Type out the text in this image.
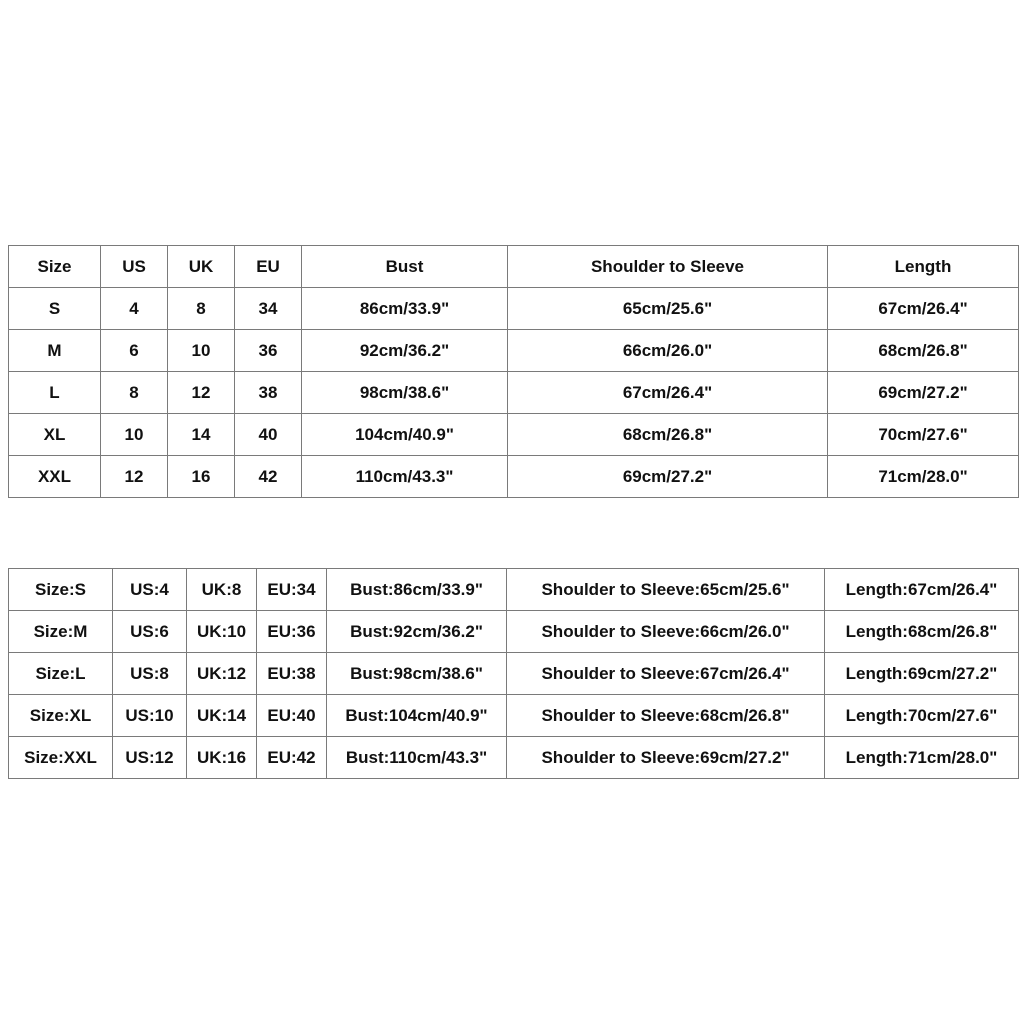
Size	US	UK	EU	Bust	Shoulder to Sleeve	Length
S	4	8	34	86cm/33.9"	65cm/25.6"	67cm/26.4"
M	6	10	36	92cm/36.2"	66cm/26.0"	68cm/26.8"
L	8	12	38	98cm/38.6"	67cm/26.4"	69cm/27.2"
XL	10	14	40	104cm/40.9"	68cm/26.8"	70cm/27.6"
XXL	12	16	42	110cm/43.3"	69cm/27.2"	71cm/28.0"
Size:S	US:4	UK:8	EU:34	Bust:86cm/33.9"	Shoulder to Sleeve:65cm/25.6"	Length:67cm/26.4"
Size:M	US:6	UK:10	EU:36	Bust:92cm/36.2"	Shoulder to Sleeve:66cm/26.0"	Length:68cm/26.8"
Size:L	US:8	UK:12	EU:38	Bust:98cm/38.6"	Shoulder to Sleeve:67cm/26.4"	Length:69cm/27.2"
Size:XL	US:10	UK:14	EU:40	Bust:104cm/40.9"	Shoulder to Sleeve:68cm/26.8"	Length:70cm/27.6"
Size:XXL	US:12	UK:16	EU:42	Bust:110cm/43.3"	Shoulder to Sleeve:69cm/27.2"	Length:71cm/28.0"
